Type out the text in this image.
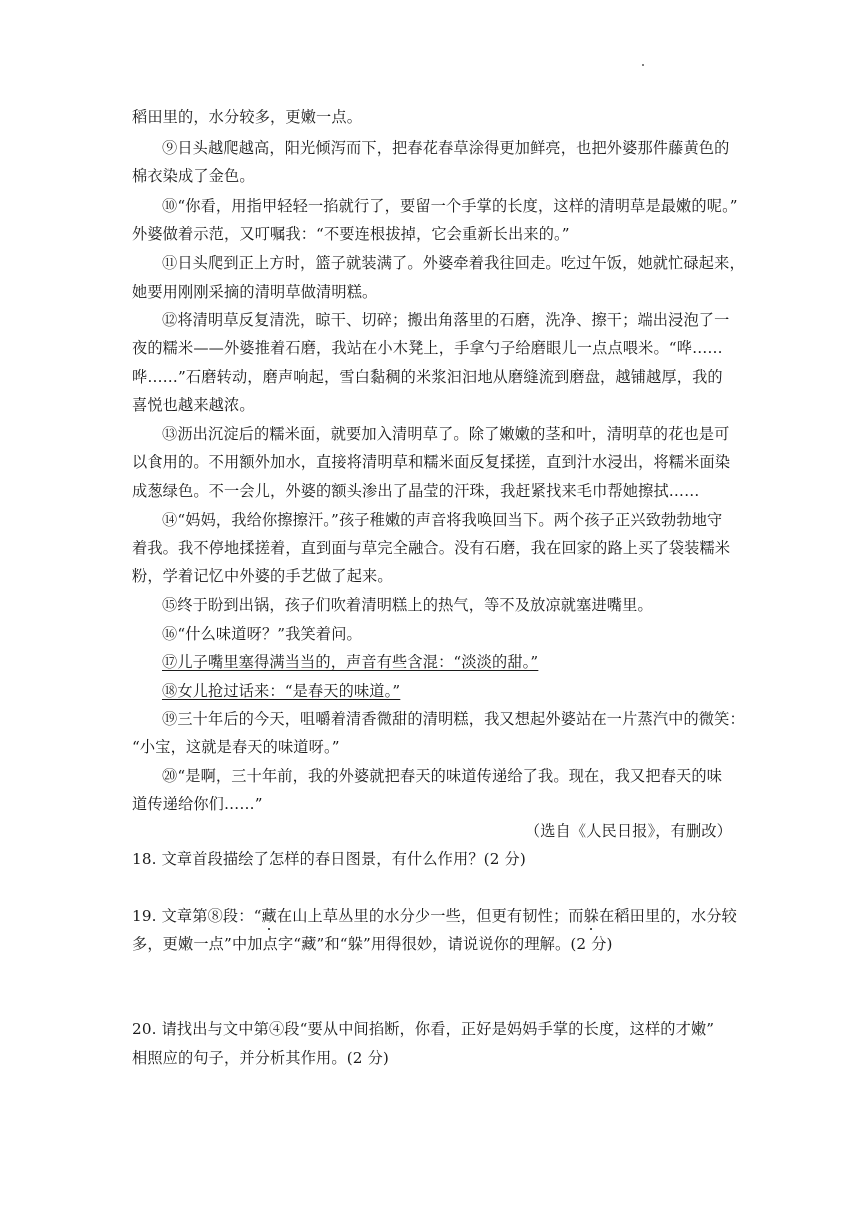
稻田里的，水分较多，更嫩一点。
⑨日头越爬越高，阳光倾泻而下，把春花春草涂得更加鲜亮，也把外婆那件藤黄色的
棉衣染成了金色。
⑩“你看，用指甲轻轻一掐就行了，要留一个手掌的长度，这样的清明草是最嫩的呢。”
外婆做着示范，又叮嘱我：“不要连根拔掉，它会重新长出来的。”
⑪日头爬到正上方时，篮子就装满了。外婆牵着我往回走。吃过午饭，她就忙碌起来，
她要用刚刚采摘的清明草做清明糕。
⑫将清明草反复清洗，晾干、切碎；搬出角落里的石磨，洗净、擦干；端出浸泡了一
夜的糯米——外婆推着石磨，我站在小木凳上，手拿勺子给磨眼儿一点点喂米。“哗……
哗……”石磨转动，磨声响起，雪白黏稠的米浆汩汩地从磨缝流到磨盘，越铺越厚，我的
喜悦也越来越浓。
⑬沥出沉淀后的糯米面，就要加入清明草了。除了嫩嫩的茎和叶，清明草的花也是可
以食用的。不用额外加水，直接将清明草和糯米面反复揉搓，直到汁水浸出，将糯米面染
成葱绿色。不一会儿，外婆的额头渗出了晶莹的汗珠，我赶紧找来毛巾帮她擦拭……
⑭“妈妈，我给你擦擦汗。”孩子稚嫩的声音将我唤回当下。两个孩子正兴致勃勃地守
着我。我不停地揉搓着，直到面与草完全融合。没有石磨，我在回家的路上买了袋装糯米
粉，学着记忆中外婆的手艺做了起来。
⑮终于盼到出锅，孩子们吹着清明糕上的热气，等不及放凉就塞进嘴里。
⑯“什么味道呀？”我笑着问。
⑰儿子嘴里塞得满当当的，声音有些含混：“淡淡的甜。”
⑱女儿抢过话来：“是春天的味道。”
⑲三十年后的今天，咀嚼着清香微甜的清明糕，我又想起外婆站在一片蒸汽中的微笑：
“小宝，这就是春天的味道呀。”
⑳“是啊，三十年前，我的外婆就把春天的味道传递给了我。现在，我又把春天的味
道传递给你们……”
（选自《人民日报》，有删改）
18. 文章首段描绘了怎样的春日图景，有什么作用？(2 分)
19. 文章第⑧段：“藏在山上草丛里的水分少一些，但更有韧性；而躲在稻田里的，水分较
多，更嫩一点”中加点字“藏”和“躲”用得很妙，请说说你的理解。(2 分)
20. 请找出与文中第④段“要从中间掐断，你看，正好是妈妈手掌的长度，这样的才嫩”
相照应的句子，并分析其作用。(2 分)
